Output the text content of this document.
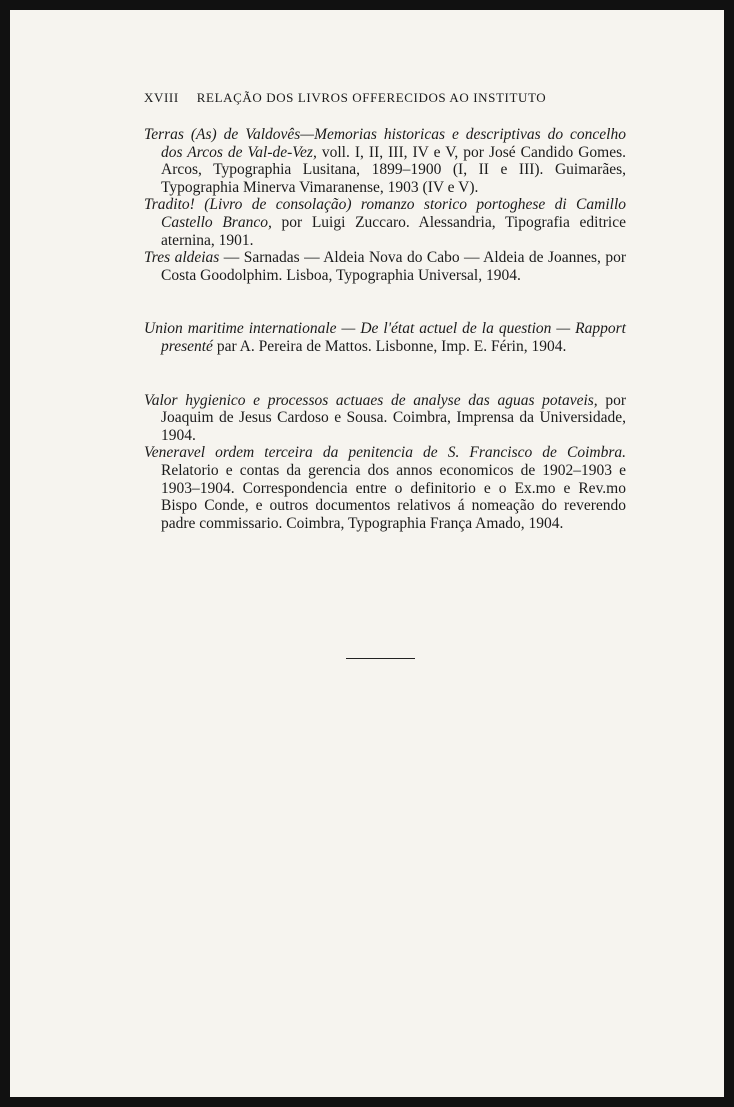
XVIII RELAÇÃO DOS LIVROS OFFERECIDOS AO INSTITUTO
Terras (As) de Valdovês—Memorias historicas e descriptivas do concelho dos Arcos de Val-de-Vez, voll. I, II, III, IV e V, por José Candido Gomes. Arcos, Typographia Lusitana, 1899–1900 (I, II e III). Guimarães, Typographia Minerva Vimaranense, 1903 (IV e V).
Tradito! (Livro de consolação) romanzo storico portoghese di Camillo Castello Branco, por Luigi Zuccaro. Alessandria, Tipografia editrice aternina, 1901.
Tres aldeias — Sarnadas — Aldeia Nova do Cabo — Aldeia de Joannes, por Costa Goodolphim. Lisboa, Typographia Universal, 1904.
Union maritime internationale — De l'état actuel de la question — Rapport presenté par A. Pereira de Mattos. Lisbonne, Imp. E. Férin, 1904.
Valor hygienico e processos actuaes de analyse das aguas potaveis, por Joaquim de Jesus Cardoso e Sousa. Coimbra, Imprensa da Universidade, 1904.
Veneravel ordem terceira da penitencia de S. Francisco de Coimbra. Relatorio e contas da gerencia dos annos economicos de 1902–1903 e 1903–1904. Correspondencia entre o definitorio e o Ex.mo e Rev.mo Bispo Conde, e outros documentos relativos á nomeação do reverendo padre commissario. Coimbra, Typographia França Amado, 1904.
